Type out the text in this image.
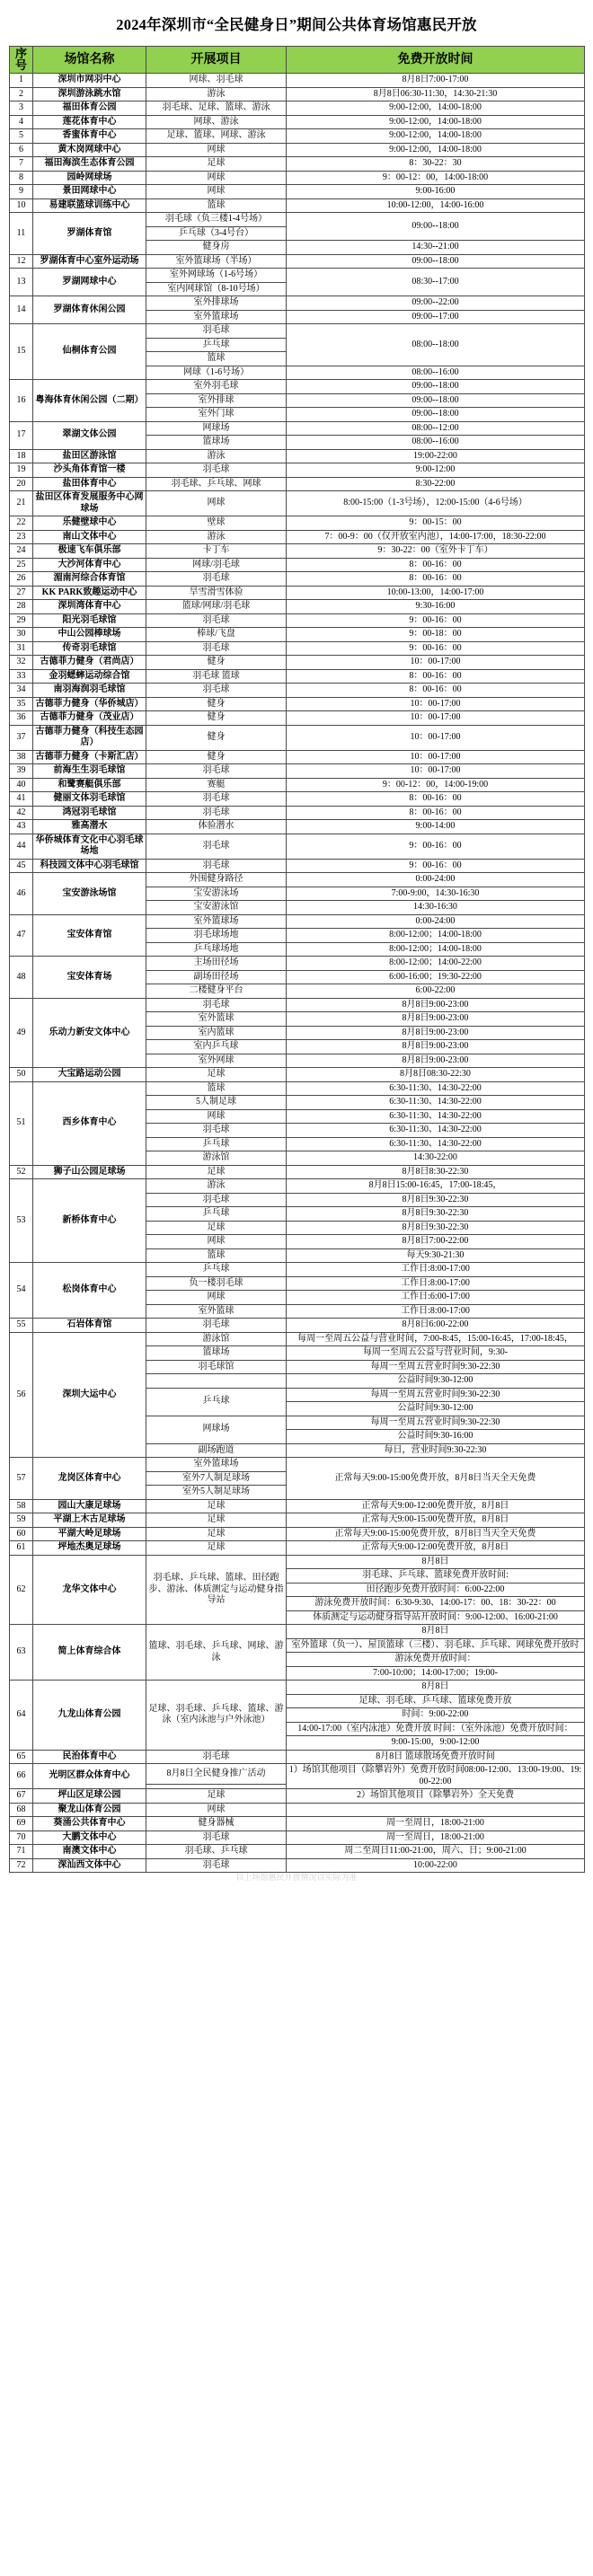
2024年深圳市“全民健身日”期间公共体育场馆惠民开放
序
号	场馆名称	开展项目	免费开放时间
1	深圳市网羽中心	网球、羽毛球	8月8日7:00-17:00
2	深圳游泳跳水馆	游泳	8月8日06:30-11:30，14:30-21:30
3	福田体育公园	羽毛球、足球、篮球、游泳	9:00-12:00，14:00-18:00
4	莲花体育中心	网球、游泳	9:00-12:00，14:00-18:00
5	香蜜体育中心	足球、篮球、网球、游泳	9:00-12:00，14:00-18:00
6	黄木岗网球中心	网球	9:00-12:00，14:00-18:00
7	福田海滨生态体育公园	足球	8：30-22：30
8	园岭网球场	网球	9：00-12：00，14:00-18:00
9	景田网球中心	网球	9:00-16:00
10	易建联篮球训练中心	篮球	10:00-12:00，14:00-16:00
11	罗湖体育馆	羽毛球（负三楼1-4号场）	09:00--18:00
		乒乓球（3-4号台）	
		健身房	14:30--21:00
12	罗湖体育中心室外运动场	室外篮球场（半场）	09:00--18:00
13	罗湖网球中心	室外网球场（1-6号场）	08:30--17:00
		室内网球馆（8-10号场）	
14	罗湖体育休闲公园	室外排球场	09:00--22:00
		室外篮球场	09:00--17:00
15	仙桐体育公园	羽毛球	08:00--18:00
		乒乓球	
		篮球	
		网球（1-6号场）	08:00--16:00
16	粤海体育休闲公园（二期）	室外羽毛球	09:00--18:00
		室外排球	09:00--18:00
		室外门球	09:00--18:00
17	翠湖文体公园	网球场	08:00--12:00
		篮球场	08:00--16:00
18	盐田区游泳馆	游泳	19:00-22:00
19	沙头角体育馆一楼	羽毛球	9:00-12:00
20	盐田体育中心	羽毛球、乒乓球、网球	8:30-22:00
21	盐田区体育发展服务中心网球场	网球	8:00-15:00（1-3号场），12:00-15:00（4-6号场）
22	乐健壁球中心	壁球	9：00-15：00
23	南山文体中心	游泳	7：00-9：00（仅开放室内池），14:00-17:00，18:30-22:00
24	极速飞车俱乐部	卡丁车	9：30-22：00（室外卡丁车）
25	大沙河体育中心	网球/羽毛球	8：00-16：00
26	湄南河综合体育馆	羽毛球	8：00-16：00
27	KK PARK致趣运动中心	旱雪滑雪体验	10:00-13:00，14:00-17:00
28	深圳湾体育中心	篮球/网球/羽毛球	9:30-16:00
29	阳光羽毛球馆	羽毛球	9：00-16：00
30	中山公园棒球场	棒球/飞盘	9：00-18：00
31	传奇羽毛球馆	羽毛球	9：00-16：00
32	古德菲力健身（君尚店）	健身	10：00-17:00
33	金羽蟋蟀运动综合馆	羽毛球 篮球	8：00-16：00
34	南羽海润羽毛球馆	羽毛球	8：00-16：00
35	古德菲力健身（华侨城店）	健身	10：00-17:00
36	古德菲力健身（茂业店）	健身	10：00-17:00
37	古德菲力健身（科技生态园店）	健身	10：00-17:00
38	古德菲力健身（卡斯汇店）	健身	10：00-17:00
39	前海生生羽毛球馆	羽毛球	10：00-17:00
40	和鹭赛艇俱乐部	赛艇	9：00-12：00，14:00-19:00
41	健丽文体羽毛球馆	羽毛球	8：00-16：00
42	鸿冠羽毛球馆	羽毛球	8：00-16：00
43	雅高潜水	体验潜水	9:00-14:00
44	华侨城体育文化中心羽毛球场地	羽毛球	9：00-16：00
45	科技园文体中心羽毛球馆	羽毛球	9：00-16：00
46	宝安游泳场馆	外围健身路径	0:00-24:00
		宝安游泳场	7:00-9:00，14:30-16:30
		宝安游泳馆	14:30-16:30
47	宝安体育馆	室外篮球场	0:00-24:00
		羽毛球场地	8:00-12:00；14:00-18:00
		乒乓球场地	8:00-12:00；14:00-18:00
48	宝安体育场	主场田径场	8:00-12:00；14:00-22:00
		副场田径场	6:00-16:00；19:30-22:00
		二楼健身平台	6:00-22:00
49	乐动力新安文体中心	羽毛球	8月8日9:00-23:00
		室外篮球	8月8日9:00-23:00
		室内篮球	8月8日9:00-23:00
		室内乒乓球	8月8日9:00-23:00
		室外网球	8月8日9:00-23:00
50	大宝路运动公园	足球	8月8日08:30-22:30
51	西乡体育中心	篮球	6:30-11:30、14:30-22:00
		5人制足球	6:30-11:30、14:30-22:00
		网球	6:30-11:30、14:30-22:00
		羽毛球	6:30-11:30、14:30-22:00
		乒乓球	6:30-11:30、14:30-22:00
		游泳馆	14:30-22:00
52	狮子山公园足球场	足球	8月8日8:30-22:30
53	新桥体育中心	游泳	8月8日15:00-16:45，17:00-18:45，
		羽毛球	8月8日9:30-22:30
		乒乓球	8月8日9:30-22:30
		足球	8月8日9:30-22:30
		网球	8月8日7:00-22:00
		篮球	每天9:30-21:30
54	松岗体育中心	乒乓球	工作日:8:00-17:00
		负一楼羽毛球	工作日:8:00-17:00
		网球	工作日:6:00-17:00
		室外篮球	工作日:8:00-17:00
55	石岩体育馆	羽毛球	8月8日6:00-22:00
56	深圳大运中心	游泳馆	每周一至周五公益与营业时间，7:00-8:45，15:00-16:45，17:00-18:45，
		篮球场	每周一至周五公益与营业时间，9:30-
		羽毛球馆	每周一至周五营业时间9:30-22:30
			公益时间9:30-12:00
		乒乓球	每周一至周五营业时间9:30-22:30
			公益时间9:30-12:00
		网球场	每周一至周五营业时间9:30-22:30
			公益时间9:30-16:00
		副场跑道	每日，营业时间9:30-22:30
57	龙岗区体育中心	室外篮球场	正常每天9:00-15:00免费开放，8月8日当天全天免费
		室外7人制足球场	
		室外5人制足球场	
58	园山大康足球场	足球	正常每天9:00-12:00免费开放，8月8日
59	平湖上木古足球场	足球	正常每天9:00-15:00免费开放，8月8日
60	平湖大岭足球场	足球	正常每天9:00-15:00免费开放，8月8日当天全天免费
61	坪地杰奥足球场	足球	正常每天9:00-12:00免费开放，8月8日
62	龙华文体中心	羽毛球、乒乓球、篮球、田径跑步、游泳、体质测定与运动健身指导站	8月8日
			羽毛球、乒乓球、篮球免费开放时间:
			田径跑步免费开放时间：6:00-22:00
			游泳免费开放时间：6:30-9:30、14:00-17：00、18：30-22：00
			体质测定与运动健身指导站开放时间：9:00-12:00、16:00-21:00
63	简上体育综合体	篮球、羽毛球、乒乓球、网球、游泳	8月8日
			室外篮球（负一）、屋顶篮球（三楼）、羽毛球、乒乓球、网球免费开放时
			游泳免费开放时间：
			7:00-10:00；14:00-17:00；19:00-
64	九龙山体育公园	足球、羽毛球、乒乓球、篮球、游泳（室内泳池与户外泳池）	8月8日
			足球、羽毛球、乒乓球、篮球免费开放
			时间：9:00-22:00
			14:00-17:00（室内泳池）免费开放 时间：（室外泳池）免费开放时间：
			9:00-15:00，9:00-12:00
65	民治体育中心	羽毛球	8月8日 篮球散场免费开放时间
66	光明区群众体育中心	8月8日全民健身推广活动	1）场馆其他项目（除攀岩外）免费开放时间08:00-12:00、13:00-19:00、19:00-22:00

67	坪山区足球公园	足球	2）场馆其他项目（除攀岩外）全天免费
68	聚龙山体育公园	网球	
69	葵涌公共体育中心	健身器械	周一至周日，18:00-21:00
70	大鹏文体中心	羽毛球	周一至周日，18:00-21:00
71	南澳文体中心	羽毛球、乒乓球	周二至周日11:00-21:00，周六、日；9:00-21:00
72	深汕西文体中心	羽毛球	10:00-22:00
以上场馆惠民开放情况以实际为准
